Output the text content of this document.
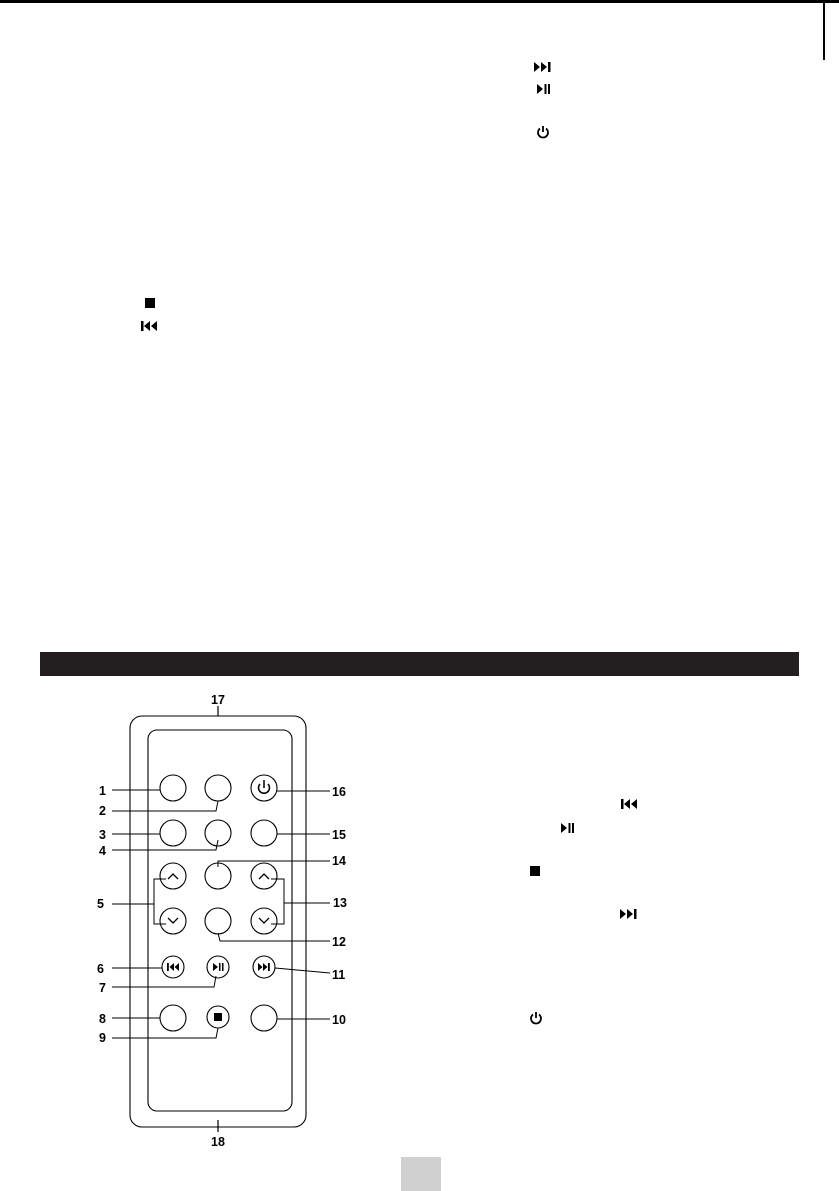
17
1
2
16
3	15
4
14
5	13
12
6	11
7
8	10
9
18
